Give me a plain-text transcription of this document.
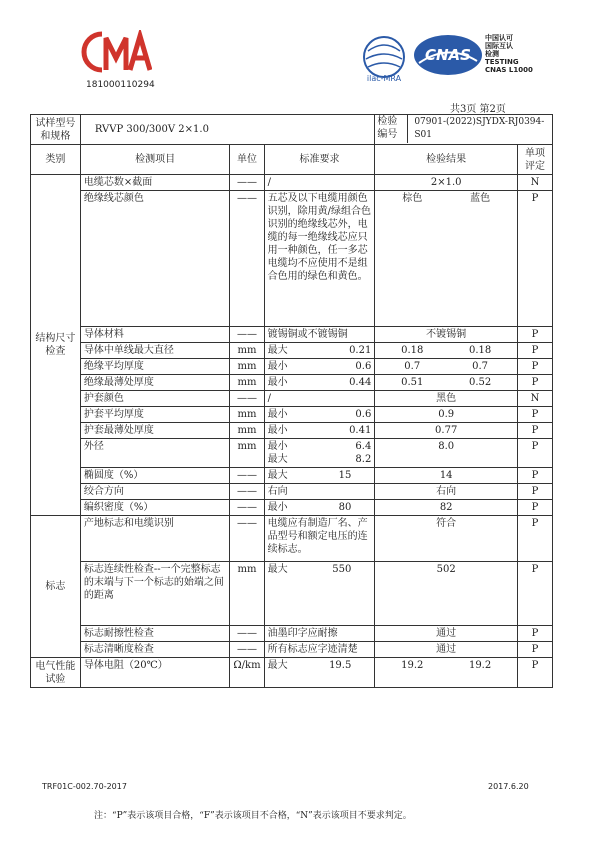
181000110294
ilac-MRA
CNAS
中国认可
国际互认
检测
TESTING
CNAS L1000
共3页 第2页
试样型号和规格	RVVP 300/300V 2×1.0			检验编号
07901-(2022)SJYDX-RJ0394-S01	

类别	检测项目	单位	标准要求	检验结果	单项评定
结构尺寸检查	电缆芯数×截面	——	/	2×1.0	N
	绝缘线芯颜色	——	五芯及以下电缆用颜色识别，除用黄/绿组合色识别的绝缘线芯外，电缆的每一绝缘线芯应只用一种颜色，任一多芯电缆均不应使用不是组合色用的绿色和黄色。	棕色 蓝色	P
	导体材料	——	镀锡铜或不镀锡铜	不镀锡铜	P
	导体中单线最大直径	mm	最大 0.21	0.18 0.18	P
	绝缘平均厚度	mm	最小 0.6	0.7 0.7	P
	绝缘最薄处厚度	mm	最小 0.44	0.51 0.52	P
	护套颜色	——	/	黑色	N
	护套平均厚度	mm	最小 0.6	0.9	P
	护套最薄处厚度	mm	最小 0.41	0.77	P
	外径	mm	最小 6.4
最大 8.2	8.0	P
	椭圆度（%）	——	最大 15	14	P
	绞合方向	——	右向	右向	P
	编织密度（%）	——	最小 80	82	P
标志	产地标志和电缆识别	——	电缆应有制造厂名、产品型号和额定电压的连续标志。	符合	P
	标志连续性检查--一个完整标志的末端与下一个标志的始端之间的距离	mm	最大 550	502	P
	标志耐擦性检查	——	油墨印字应耐擦	通过	P
	标志清晰度检查	——	所有标志应字迹清楚	通过	P
电气性能试验	导体电阻（20℃）	Ω/km	最大 19.5	19.2 19.2	P
TRF01C-002.70-2017	2017.6.20
注：“P”表示该项目合格，“F”表示该项目不合格，“N”表示该项目不要求判定。
